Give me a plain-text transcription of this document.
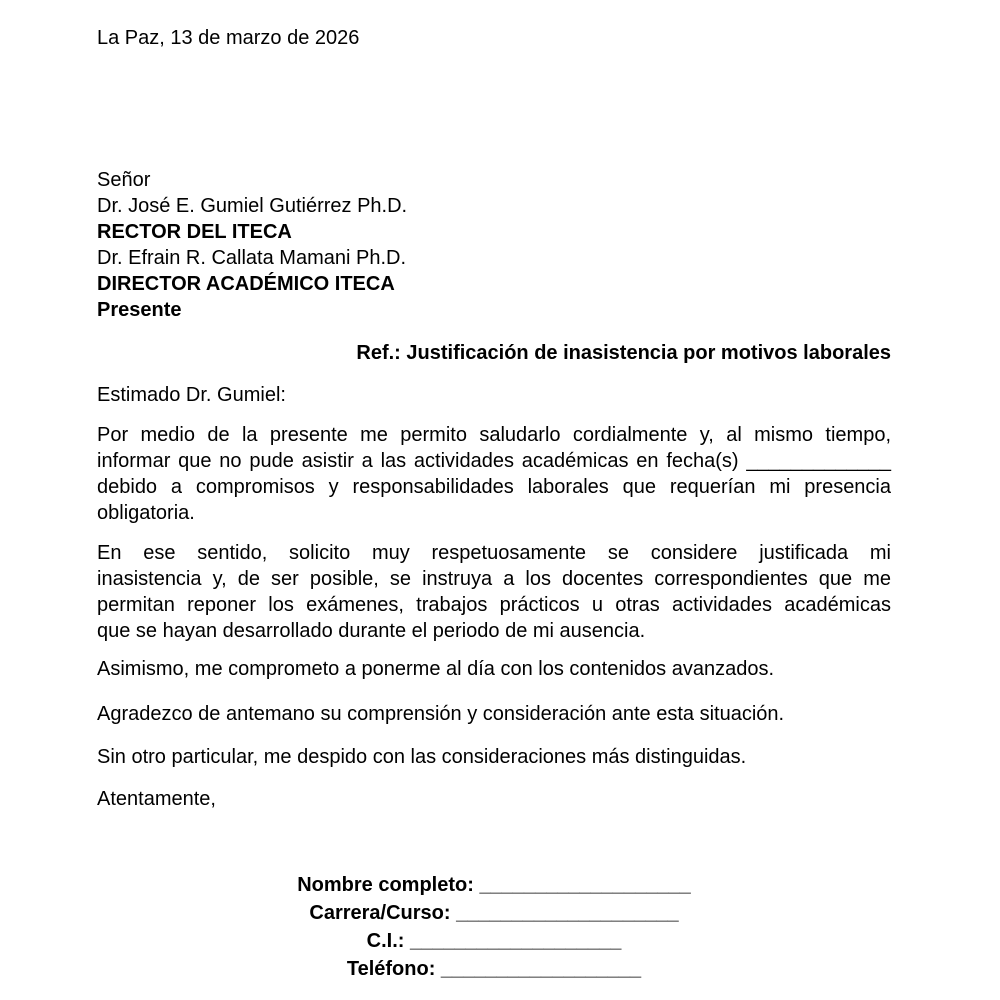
La Paz, 13 de marzo de 2026
Señor
Dr. José E. Gumiel Gutiérrez Ph.D.
RECTOR DEL ITECA
Dr. Efrain R. Callata Mamani Ph.D.
DIRECTOR ACADÉMICO ITECA
Presente
Ref.: Justificación de inasistencia por motivos laborales
Estimado Dr. Gumiel:
Por medio de la presente me permito saludarlo cordialmente y, al mismo tiempo,
informar que no pude asistir a las actividades académicas en fecha(s) _____________
debido a compromisos y responsabilidades laborales que requerían mi presencia
obligatoria.
En ese sentido, solicito muy respetuosamente se considere justificada mi
inasistencia y, de ser posible, se instruya a los docentes correspondientes que me
permitan reponer los exámenes, trabajos prácticos u otras actividades académicas
que se hayan desarrollado durante el periodo de mi ausencia.
Asimismo, me comprometo a ponerme al día con los contenidos avanzados.
Agradezco de antemano su comprensión y consideración ante esta situación.
Sin otro particular, me despido con las consideraciones más distinguidas.
Atentamente,
Nombre completo: ___________________
Carrera/Curso: ____________________
C.I.: ___________________
Teléfono: __________________
